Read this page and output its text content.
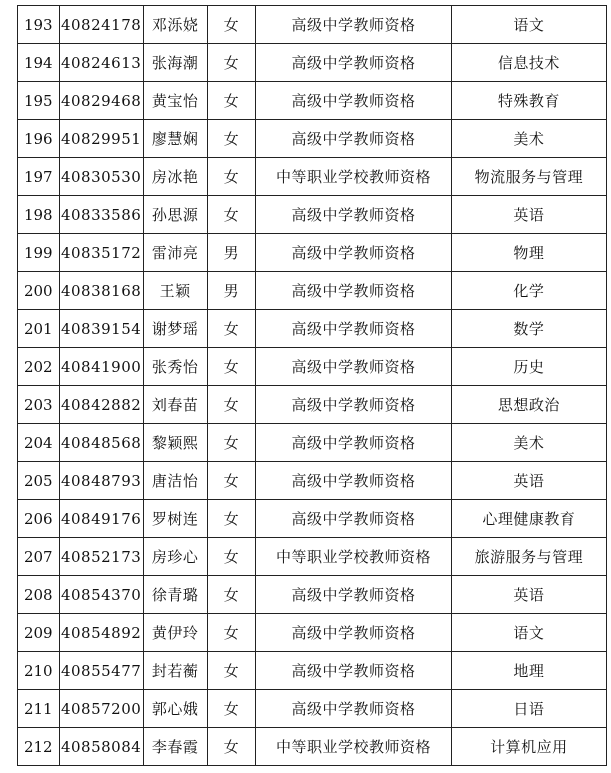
193	40824178	邓泺娆	女	高级中学教师资格	语文
194	40824613	张海潮	女	高级中学教师资格	信息技术
195	40829468	黄宝怡	女	高级中学教师资格	特殊教育
196	40829951	廖慧娴	女	高级中学教师资格	美术
197	40830530	房冰艳	女	中等职业学校教师资格	物流服务与管理
198	40833586	孙思源	女	高级中学教师资格	英语
199	40835172	雷沛亮	男	高级中学教师资格	物理
200	40838168	王颖	男	高级中学教师资格	化学
201	40839154	谢梦瑶	女	高级中学教师资格	数学
202	40841900	张秀怡	女	高级中学教师资格	历史
203	40842882	刘春苗	女	高级中学教师资格	思想政治
204	40848568	黎颖熙	女	高级中学教师资格	美术
205	40848793	唐洁怡	女	高级中学教师资格	英语
206	40849176	罗树连	女	高级中学教师资格	心理健康教育
207	40852173	房珍心	女	中等职业学校教师资格	旅游服务与管理
208	40854370	徐青璐	女	高级中学教师资格	英语
209	40854892	黄伊玲	女	高级中学教师资格	语文
210	40855477	封若蘅	女	高级中学教师资格	地理
211	40857200	郭心娥	女	高级中学教师资格	日语
212	40858084	李春霞	女	中等职业学校教师资格	计算机应用
